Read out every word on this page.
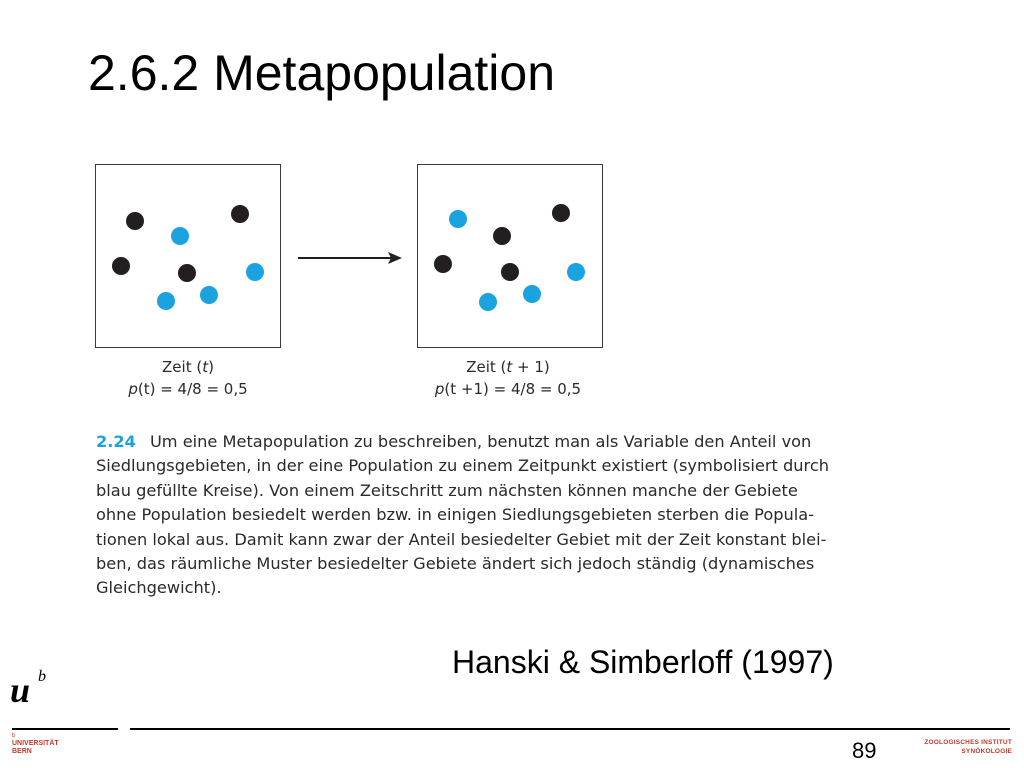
2.6.2 Metapopulation
Zeit (t)
p(t) = 4/8 = 0,5
Zeit (t + 1)
p(t +1) = 4/8 = 0,5
2.24 Um eine Metapopulation zu beschreiben, benutzt man als Variable den Anteil von
Siedlungsgebieten, in der eine Population zu einem Zeitpunkt existiert (symbolisiert durch
blau gefüllte Kreise). Von einem Zeitschritt zum nächsten können manche der Gebiete
ohne Population besiedelt werden bzw. in einigen Siedlungsgebieten sterben die Popula-
tionen lokal aus. Damit kann zwar der Anteil besiedelter Gebiet mit der Zeit konstant blei-
ben, das räumliche Muster besiedelter Gebiete ändert sich jedoch ständig (dynamisches
Gleichgewicht).
Hanski & Simberloff (1997)
u b
b
UNIVERSITÄT
BERN	89	ZOOLOGISCHES INSTITUT
SYNÖKOLOGIE
